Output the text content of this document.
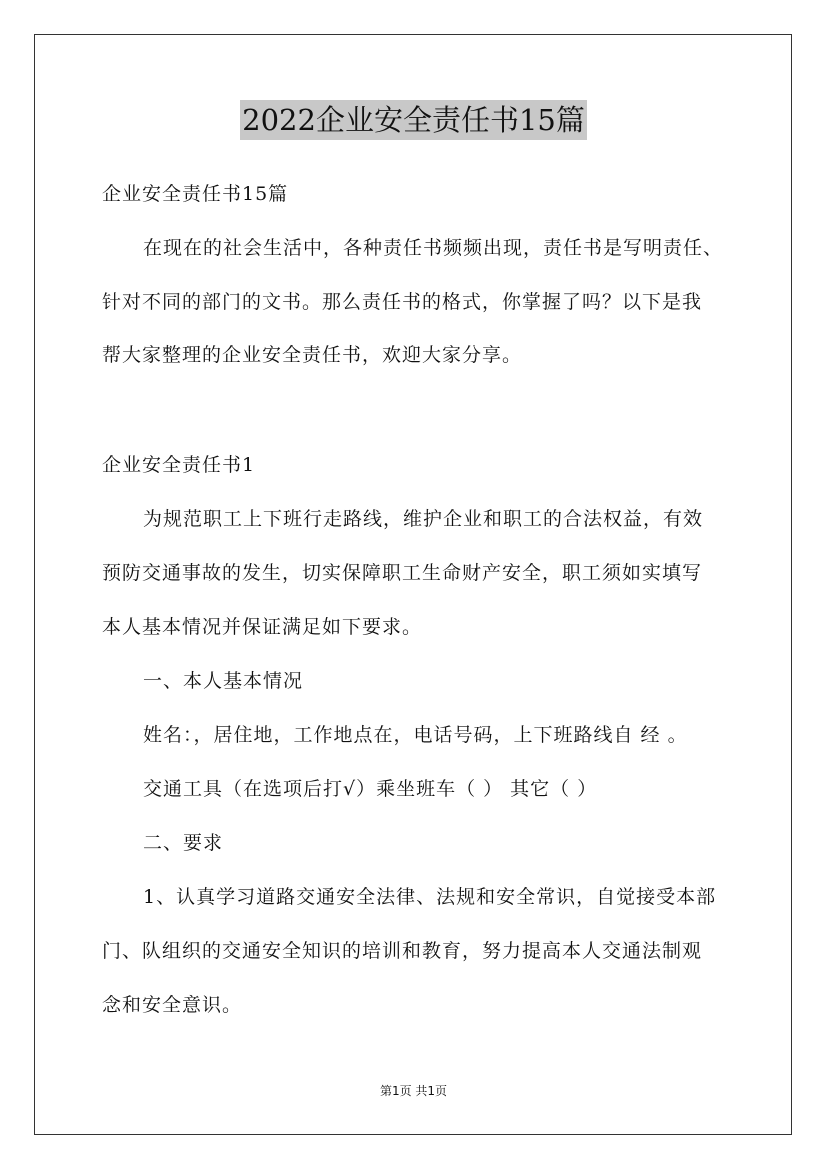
2022企业安全责任书15篇
企业安全责任书15篇
在现在的社会生活中，各种责任书频频出现，责任书是写明责任、
针对不同的部门的文书。那么责任书的格式，你掌握了吗？以下是我
帮大家整理的企业安全责任书，欢迎大家分享。
企业安全责任书1
为规范职工上下班行走路线，维护企业和职工的合法权益，有效
预防交通事故的发生，切实保障职工生命财产安全，职工须如实填写
本人基本情况并保证满足如下要求。
一、本人基本情况
姓名：，居住地，工作地点在，电话号码，上下班路线自 经 。
交通工具（在选项后打√）乘坐班车（ ） 其它（ ）
二、要求
1、认真学习道路交通安全法律、法规和安全常识，自觉接受本部
门、队组织的交通安全知识的培训和教育，努力提高本人交通法制观
念和安全意识。
第1页 共1页
